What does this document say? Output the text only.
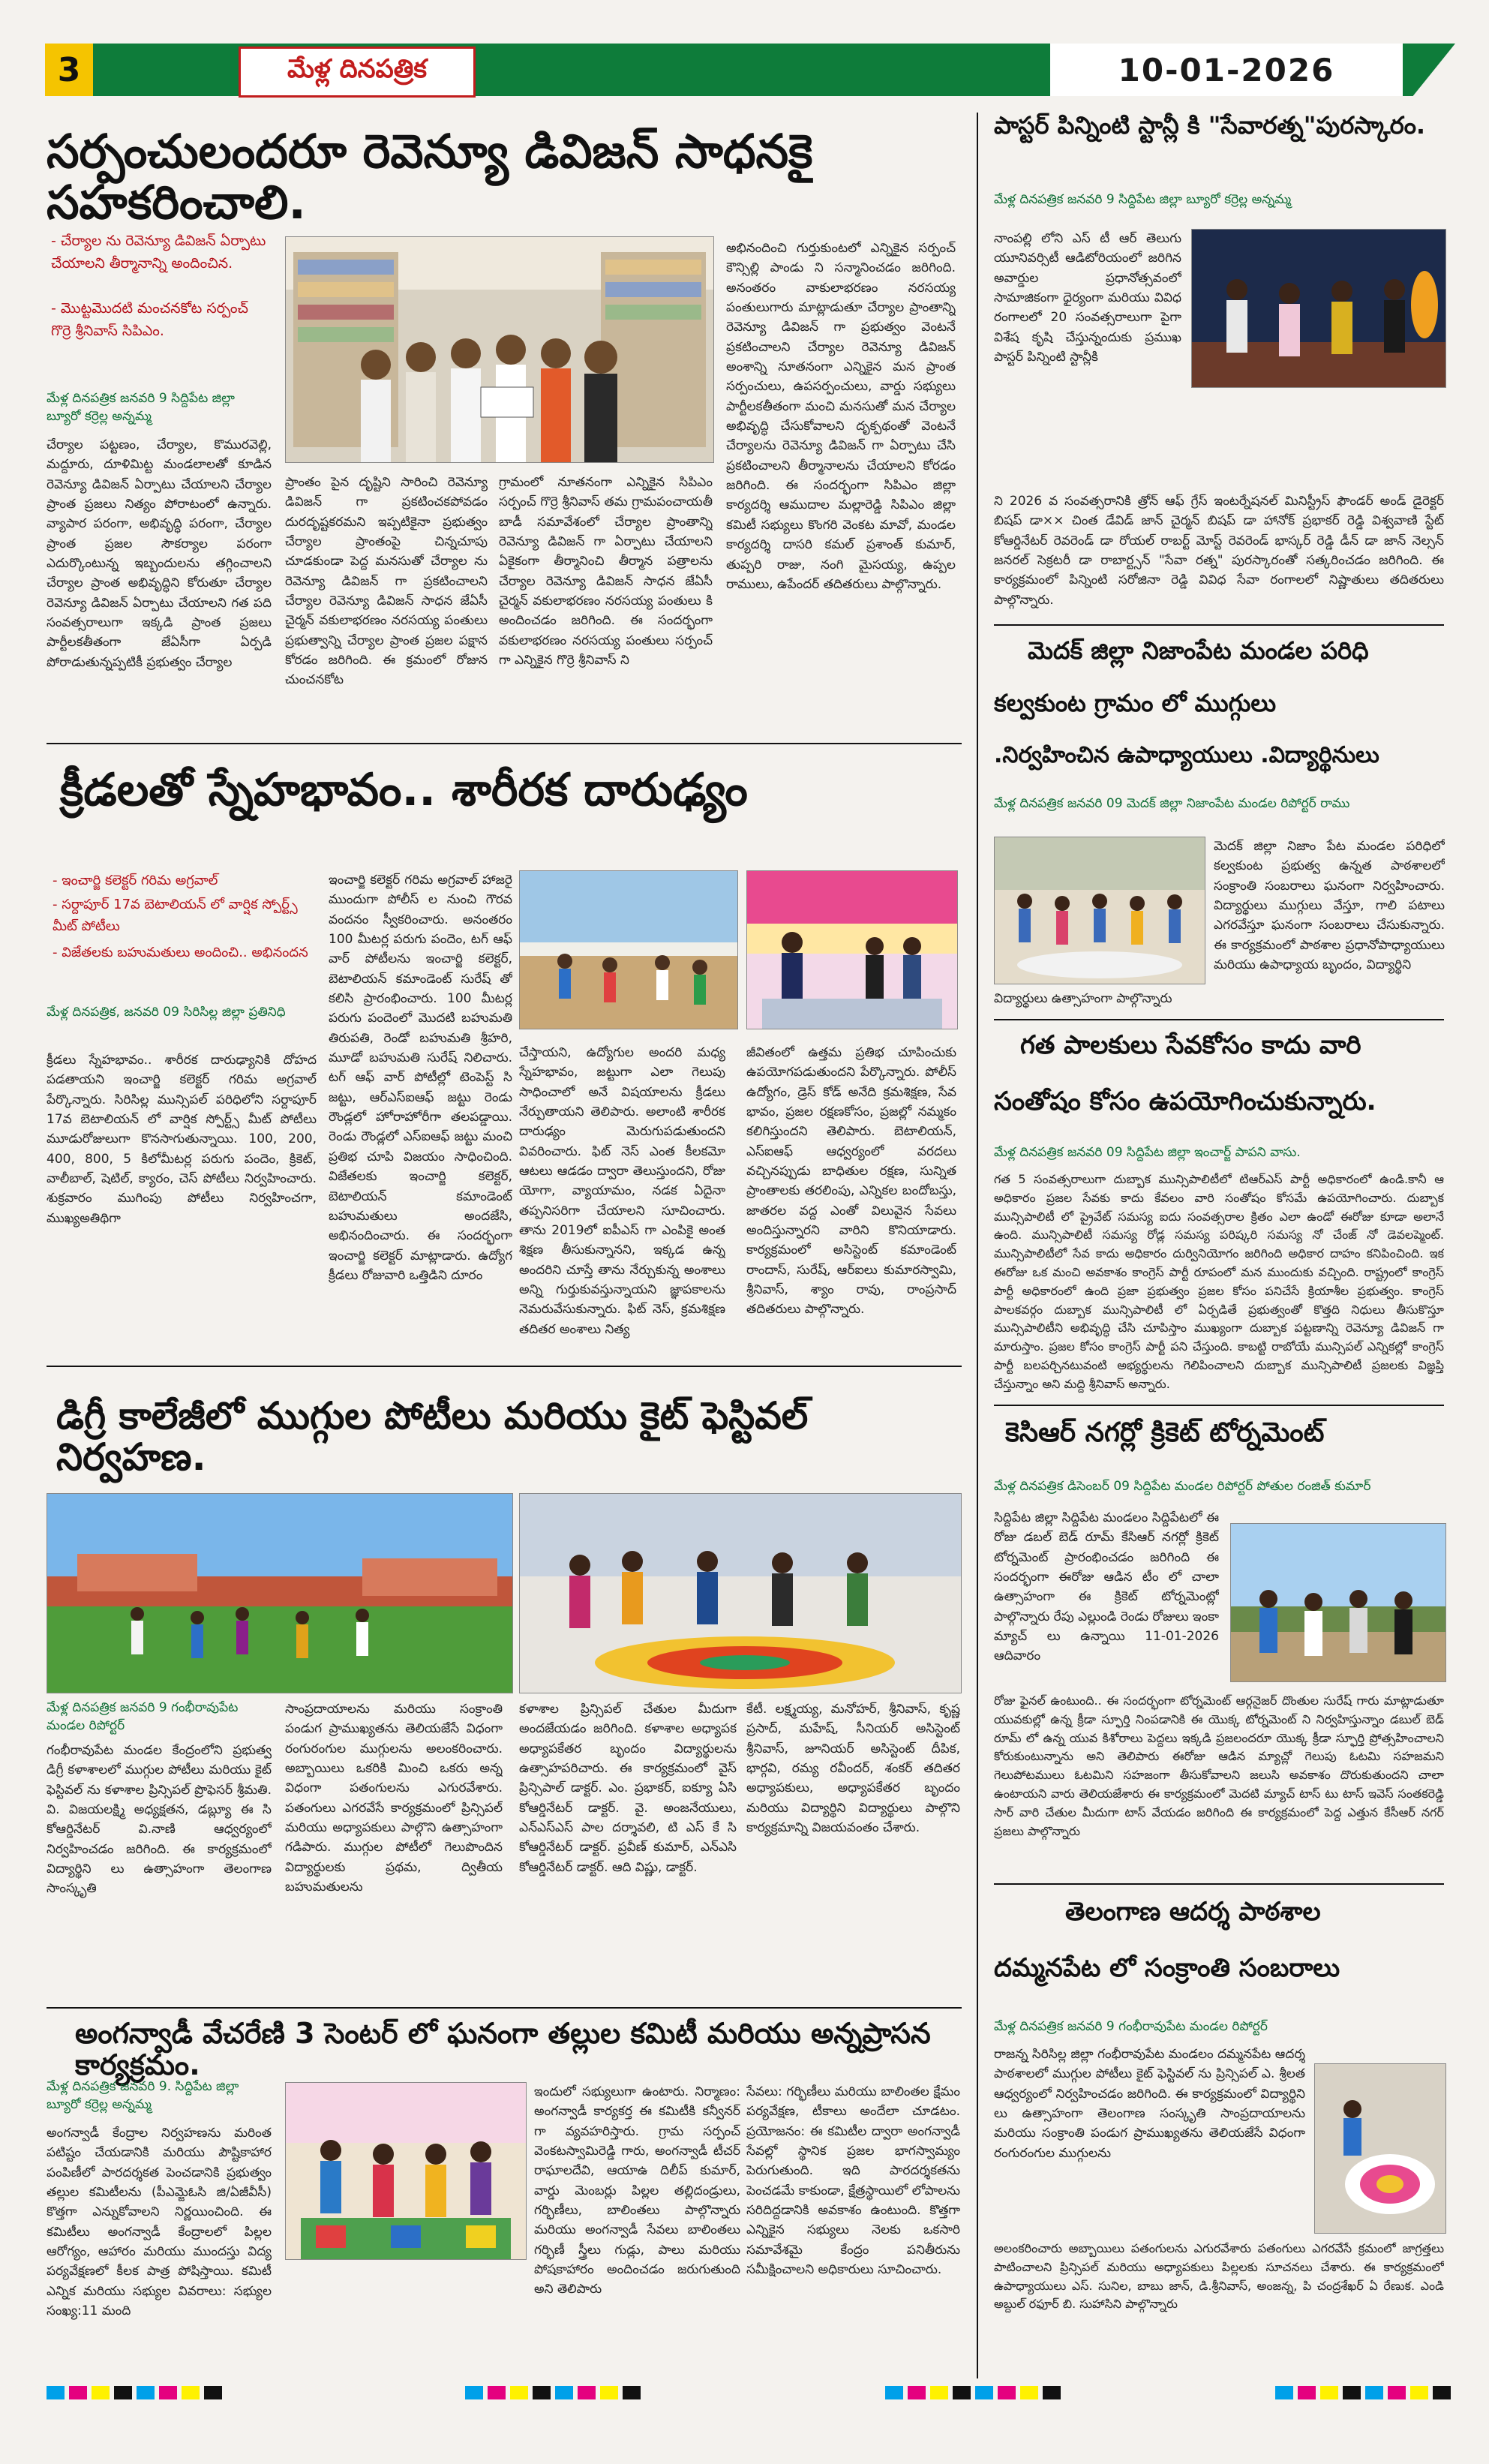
3	మేళ్ల దినపత్రిక	10-01-2026
సర్పంచులందరూ రెవెన్యూ డివిజన్ సాధనకై సహకరించాలి.
- చేర్యాల ను రెవెన్యూ డివిజన్ ఏర్పాటు చేయాలని తీర్మానాన్ని అందించిన.
- మొట్టమొదటి మంచనకోట సర్పంచ్ గొర్రె శ్రీనివాస్ సిపిఎం.
మేళ్ల దినపత్రిక జనవరి 9 సిద్దిపేట జిల్లా బ్యూరో కర్రెల్ల అన్నమ్మ
చేర్యాల పట్టణం, చేర్యాల, కొమురవెల్లి, మద్దూరు, దూళిమిట్ట మండలాలతో కూడిన రెవెన్యూ డివిజన్ ఏర్పాటు చేయాలని చేర్యాల ప్రాంత ప్రజలు నిత్యం పోరాటంలో ఉన్నారు. వ్యాపార పరంగా, అభివృద్ధి పరంగా, చేర్యాల ప్రాంత ప్రజల సౌకర్యాల పరంగా ఎదుర్కొంటున్న ఇబ్బందులను తగ్గించాలని చేర్యాల ప్రాంత అభివృద్ధిని కోరుతూ చేర్యాల రెవెన్యూ డివిజన్ ఏర్పాటు చేయాలని గత పది సంవత్సరాలుగా ఇక్కడి ప్రాంత ప్రజలు పార్టీలకతీతంగా జేఏసీగా ఏర్పడి పోరాడుతున్నప్పటికీ ప్రభుత్వం చేర్యాల
ప్రాంతం పైన దృష్టిని సారించి రెవెన్యూ డివిజన్ గా ప్రకటించకపోవడం దురదృష్టకరమని ఇప్పటికైనా ప్రభుత్వం చేర్యాల ప్రాంతంపై చిన్నచూపు చూడకుండా పెద్ద మనసుతో చేర్యాల ను రెవెన్యూ డివిజన్ గా ప్రకటించాలని చేర్యాల రెవెన్యూ డివిజన్ సాధన జేఏసీ చైర్మన్ వకులాభరణం నరసయ్య పంతులు ప్రభుత్వాన్ని చేర్యాల ప్రాంత ప్రజల పక్షాన కోరడం జరిగింది. ఈ క్రమంలో రోజున చుంచనకోట
గ్రామంలో నూతనంగా ఎన్నికైన సిపిఎం సర్పంచ్ గొర్రె శ్రీనివాస్ తమ గ్రామపంచాయతీ బాడీ సమావేశంలో చేర్యాల ప్రాంతాన్ని రెవెన్యూ డివిజన్ గా ఏర్పాటు చేయాలని ఏకైకంగా తీర్మానించి తీర్మాన పత్రాలను చేర్యాల రెవెన్యూ డివిజన్ సాధన జేఏసీ చైర్మన్ వకులాభరణం నరసయ్య పంతులు కి అందించడం జరిగింది. ఈ సందర్భంగా వకులాభరణం నరసయ్య పంతులు సర్పంచ్ గా ఎన్నికైన గొర్రె శ్రీనివాస్ ని
అభినందించి గుర్తుకుంటలో ఎన్నికైన సర్పంచ్ కౌన్సిల్లి పాండు ని సన్మానించడం జరిగింది. అనంతరం వాకులాభరణం నరసయ్య పంతులుగారు మాట్లాడుతూ చేర్యాల ప్రాంతాన్ని రెవెన్యూ డివిజన్ గా ప్రభుత్వం వెంటనే ప్రకటించాలని చేర్యాల రెవెన్యూ డివిజన్ అంశాన్ని నూతనంగా ఎన్నికైన మన ప్రాంత సర్పంచులు, ఉపసర్పంచులు, వార్డు సభ్యులు పార్టీలకతీతంగా మంచి మనసుతో మన చేర్యాల అభివృద్ధి చేసుకోవాలని దృక్పథంతో వెంటనే చేర్యాలను రెవెన్యూ డివిజన్ గా ఏర్పాటు చేసి ప్రకటించాలని తీర్మానాలను చేయాలని కోరడం జరిగింది. ఈ సందర్భంగా సిపిఎం జిల్లా కార్యదర్శి ఆముదాల మల్లారెడ్డి సిపిఎం జిల్లా కమిటీ సభ్యులు కొంగరి వెంకట మావో, మండల కార్యదర్శి దాసరి కమల్ ప్రశాంత్ కుమార్, తుప్పరి రాజు, నంగి మైసయ్య, ఉప్పల రాములు, ఉపేందర్ తదితరులు పాల్గొన్నారు.
క్రీడలతో స్నేహభావం.. శారీరక దారుఢ్యం
- ఇంచార్జి కలెక్టర్ గరిమ అగ్రవాల్
- సర్దాపూర్ 17వ బెటాలియన్ లో వార్షిక స్పోర్ట్స్ మీట్ పోటీలు
- విజేతలకు బహుమతులు అందించి.. అభినందన
మేళ్ల దినపత్రిక, జనవరి 09 సిరిసిల్ల జిల్లా ప్రతినిధి
క్రీడలు స్నేహభావం.. శారీరక దారుఢ్యానికి దోహద పడతాయని ఇంచార్జి కలెక్టర్ గరిమ అగ్రవాల్ పేర్కొన్నారు. సిరిసిల్ల మున్సిపల్ పరిధిలోని సర్దాపూర్ 17వ బెటాలియన్ లో వార్షిక స్పోర్ట్స్ మీట్ పోటీలు మూడురోజులుగా కొనసాగుతున్నాయి. 100, 200, 400, 800, 5 కిలోమీటర్ల పరుగు పందెం, క్రికెట్, వాలీబాల్, షెటిల్, క్యారం, చెస్ పోటీలు నిర్వహించారు. శుక్రవారం ముగింపు పోటీలు నిర్వహించగా, ముఖ్యఅతిథిగా
ఇంచార్జి కలెక్టర్ గరిమ అగ్రవాల్ హాజరై ముందుగా పోలీస్ ల నుంచి గౌరవ వందనం స్వీకరించారు. అనంతరం 100 మీటర్ల పరుగు పందెం, టగ్ ఆఫ్ వార్ పోటీలను ఇంచార్జి కలెక్టర్, బెటాలియన్ కమాండెంట్ సురేష్ తో కలిసి ప్రారంభించారు. 100 మీటర్ల పరుగు పందెంలో మొదటి బహుమతి తిరుపతి, రెండో బహుమతి శ్రీహరి, మూడో బహుమతి సురేష్ నిలిచారు. టగ్ ఆఫ్ వార్ పోటీల్లో టెంపెస్ట్ సి జట్టు, ఆర్ఎస్ఐఆఫ్ జట్టు రెండు రౌండ్లలో హోరాహోరీగా తలపడ్డాయి. రెండు రౌండ్లలో ఎస్ఐఆఫ్ జట్టు మంచి ప్రతిభ చూపి విజయం సాధించింది. విజేతలకు ఇంచార్జి కలెక్టర్, బెటాలియన్ కమాండెంట్ బహుమతులు అందజేసి, అభినందించారు. ఈ సందర్భంగా ఇంచార్జి కలెక్టర్ మాట్లాడారు. ఉద్యోగ క్రీడలు రోజువారి ఒత్తిడిని దూరం
చేస్తాయని, ఉద్యోగుల అందరి మధ్య స్నేహభావం, జట్టుగా ఎలా గెలుపు సాధించాలో అనే విషయాలను క్రీడలు నేర్పుతాయని తెలిపారు. అలాంటి శారీరక దారుఢ్యం మెరుగుపడుతుందని వివరించారు. ఫిట్ నెస్ ఎంత కీలకమో ఆటలు ఆడడం ద్వారా తెలుస్తుందని, రోజు యోగా, వ్యాయామం, నడక ఏదైనా తప్పనిసరిగా చేయాలని సూచించారు. తాను 2019లో ఐపీఎస్ గా ఎంపికై అంత శిక్షణ తీసుకున్నానని, ఇక్కడ ఉన్న అందరిని చూస్తే తాను నేర్చుకున్న అంశాలు అన్ని గుర్తుకువస్తున్నాయని జ్ఞాపకాలను నెమరువేసుకున్నారు. ఫిట్ నెస్, క్రమశిక్షణ తదితర అంశాలు నిత్య
జీవితంలో ఉత్తమ ప్రతిభ చూపించుకు ఉపయోగపడుతుందని పేర్కొన్నారు. పోలీస్ ఉద్యోగం, డ్రెస్ కోడ్ అనేది క్రమశిక్షణ, సేవ భావం, ప్రజల రక్షణకోసం, ప్రజల్లో నమ్మకం కలిగిస్తుందని తెలిపారు. బెటాలియన్, ఎస్ఐఆఫ్ ఆధ్వర్యంలో వరదలు వచ్చినప్పుడు బాధితుల రక్షణ, సున్నిత ప్రాంతాలకు తరలింపు, ఎన్నికల బందోబస్తు, జాతరల వద్ద ఎంతో విలువైన సేవలు అందిస్తున్నారని వారిని కొనియాడారు. కార్యక్రమంలో అసిస్టెంట్ కమాండెంట్ రాందాస్, సురేష్, ఆర్ఐలు కుమారస్వామి, శ్రీనివాస్, శ్యాం రావు, రాంప్రసాద్ తదితరులు పాల్గొన్నారు.
డిగ్రీ కాలేజీలో ముగ్గుల పోటీలు మరియు కైట్ ఫెస్టివల్ నిర్వహణ.
మేళ్ల దినపత్రిక జనవరి 9 గంభీరావుపేట మండల రిపోర్టర్
గంభీరావుపేట మండల కేంద్రంలోని ప్రభుత్వ డిగ్రీ కళాశాలలో ముగ్గుల పోటీలు మరియు కైట్ ఫెస్టివల్ ను కళాశాల ప్రిన్సిపల్ ప్రొఫెసర్ శ్రీమతి. వి. విజయలక్ష్మి అధ్యక్షతన, డబ్ల్యూ ఈ సి కోఆర్డినేటర్ వి.నాణి ఆధ్వర్యంలో నిర్వహించడం జరిగింది. ఈ కార్యక్రమంలో విద్యార్థిని లు ఉత్సాహంగా తెలంగాణ సాంస్కృతి
సాంప్రదాయాలను మరియు సంక్రాంతి పండుగ ప్రాముఖ్యతను తెలియజేసే విధంగా రంగురంగుల ముగ్గులను అలంకరించారు. అబ్బాయిలు ఒకరికి మించి ఒకరు అన్న విధంగా పతంగులను ఎగురవేశారు. పతంగులు ఎగరవేసే కార్యక్రమంలో ప్రిన్సిపల్ మరియు అధ్యాపకులు పాల్గొని ఉత్సాహంగా గడిపారు. ముగ్గుల పోటీలో గెలుపొందిన విద్యార్థులకు ప్రథమ, ద్వితీయ బహుమతులను
కళాశాల ప్రిన్సిపల్ చేతుల మీదుగా అందజేయడం జరిగింది. కళాశాల అధ్యాపక అధ్యాపకేతర బృందం విద్యార్థులను ఉత్సాహపరిచారు. ఈ కార్యక్రమంలో వైస్ ప్రిన్సిపాల్ డాక్టర్. ఎం. ప్రభాకర్, ఐక్యూ ఏసి కోఆర్డినేటర్ డాక్టర్. వై. అంజనేయులు, ఎన్ఎస్ఎస్ పాల దర్శావలి, టి ఎస్ కే సి కోఆర్డినేటర్ డాక్టర్. ప్రవీణ్ కుమార్, ఎన్ఎసి కోఆర్డినేటర్ డాక్టర్. ఆది విష్ణు, డాక్టర్.
కేటీ. లక్ష్మయ్య, మనోహర్, శ్రీనివాస్, కృష్ణ ప్రసాద్, మహేష్, సీనియర్ అసిస్టెంట్ శ్రీనివాస్, జూనియర్ అసిస్టెంట్ దీపిక, భార్గవి, రమ్య రవీందర్, శంకర్ తదితర అధ్యాపకులు, అధ్యాపకేతర బృందం మరియు విద్యార్థిని విద్యార్థులు పాల్గొని కార్యక్రమాన్ని విజయవంతం చేశారు.
అంగన్వాడీ వేచరేణి 3 సెంటర్ లో ఘనంగా తల్లుల కమిటీ మరియు అన్నప్రాసన కార్యక్రమం.
మేళ్ల దినపత్రిక జనవరి 9. సిద్దిపేట జిల్లా బ్యూరో కర్రెల్ల అన్నమ్మ
అంగన్వాడీ కేంద్రాల నిర్వహణను మరింత పటిష్టం చేయడానికి మరియు పౌష్టికాహార పంపిణీలో పారదర్శకత పెంచడానికి ప్రభుత్వం తల్లుల కమిటీలను (పీఎమ్జెఓసి జి/ఏజీవీసీ) కొత్తగా ఎన్నుకోవాలని నిర్ణయించింది. ఈ కమిటీలు అంగన్వాడీ కేంద్రాలలో పిల్లల ఆరోగ్యం, ఆహారం మరియు ముందస్తు విద్య పర్యవేక్షణలో కీలక పాత్ర పోషిస్తాయి. కమిటీ ఎన్నిక మరియు సభ్యుల వివరాలు: సభ్యుల సంఖ్య:11 మంది
ఇందులో సభ్యులుగా ఉంటారు. నిర్మాణం: అంగన్వాడీ కార్యకర్త ఈ కమిటీకి కన్వీనర్ గా వ్యవహరిస్తారు. గ్రామ సర్పంచ్ వెంకటస్వామిరెడ్డి గారు, అంగన్వాడీ టీచర్ రాఘాలదేవి, ఆయాఉ దిలీప్ కుమార్, వార్డు మెంబర్లు పిల్లల తల్లిదండ్రులు, గర్భిణీలు, బాలింతలు పాల్గొన్నారు మరియు అంగన్వాడీ సేవలు బాలింతలు గర్భిణీ స్త్రీలు గుడ్లు, పాలు మరియు పోషకాహారం అందించడం జరుగుతుంది అని తెలిపారు
సేవలు: గర్భిణీలు మరియు బాలింతల క్షేమం పర్యవేక్షణ, టీకాలు అందేలా చూడటం. ప్రయోజనం: ఈ కమిటీల ద్వారా అంగన్వాడీ సేవల్లో స్థానిక ప్రజల భాగస్వామ్యం పెరుగుతుంది. ఇది పారదర్శకతను పెంచడమే కాకుండా, క్షేత్రస్థాయిలో లోపాలను సరిదిద్దడానికి అవకాశం ఉంటుంది. కొత్తగా ఎన్నికైన సభ్యులు నెలకు ఒకసారి సమావేశమై కేంద్రం పనితీరును సమీక్షించాలని అధికారులు సూచించారు.
పాస్టర్ పిన్నింటి స్టాన్లీ కి "సేవారత్న"పురస్కారం.
మేళ్ల దినపత్రిక జనవరి 9 సిద్దిపేట జిల్లా బ్యూరో కర్రెల్ల అన్నమ్మ
నాంపల్లి లోని ఎస్ టీ ఆర్ తెలుగు యూనివర్సిటీ ఆడిటోరియంలో జరిగిన అవార్డుల ప్రధానోత్సవంలో సామాజికంగా ధైర్యంగా మరియు వివిధ రంగాలలో 20 సంవత్సరాలుగా పైగా విశేష కృషి చేస్తున్నందుకు ప్రముఖ పాస్టర్ పిన్నింటి స్టాన్లీకి
ని 2026 వ సంవత్సరానికి త్రోన్ ఆఫ్ గ్రేస్ ఇంటర్నేషనల్ మినిస్ట్రీస్ ఫౌండర్ అండ్ డైరెక్టర్ బిషప్ డా×× చింత డేవిడ్ జాన్ చైర్మన్ బిషప్ డా హానోక్ ప్రభాకర్ రెడ్డి విశ్వవాణి స్టేట్ కోఆర్డినేటర్ రెవరెండ్ డా రోయల్ రాబర్ట్ మోస్ట్ రెవరెండ్ భాస్కర్ రెడ్డి డీన్ డా జాన్ నెల్సన్ జనరల్ సెక్రటరీ డా రాబార్ట్సన్ "సేవా రత్న" పురస్కారంతో సత్కరించడం జరిగింది. ఈ కార్యక్రమంలో పిన్నింటి సరోజినా రెడ్డి వివిధ సేవా రంగాలలో నిష్ణాతులు తదితరులు పాల్గొన్నారు.
మెదక్ జిల్లా నిజాంపేట మండల పరిధి
కల్వకుంట గ్రామం లో ముగ్గులు
.నిర్వహించిన ఉపాధ్యాయులు .విద్యార్థినులు
మేళ్ల దినపత్రిక జనవరి 09 మెదక్ జిల్లా నిజాంపేట మండల రిపోర్టర్ రాము
మెదక్ జిల్లా నిజాం పేట మండల పరిధిలో కల్వకుంట ప్రభుత్వ ఉన్నత పాఠశాలలో సంక్రాంతి సంబరాలు ఘనంగా నిర్వహించారు. విద్యార్థులు ముగ్గులు వేస్తూ, గాలి పటాలు ఎగరవేస్తూ ఘనంగా సంబరాలు చేసుకున్నారు. ఈ కార్యక్రమంలో పాఠశాల ప్రధానోపాధ్యాయులు మరియు ఉపాధ్యాయ బృందం, విద్యార్థిని
విద్యార్థులు ఉత్సాహంగా పాల్గొన్నారు
గత పాలకులు సేవకోసం కాదు వారి
సంతోషం కోసం ఉపయోగించుకున్నారు.
మేళ్ల దినపత్రిక జనవరి 09 సిద్దిపేట జిల్లా ఇంచార్జ్ పాపని వాసు.
గత 5 సంవత్సరాలుగా దుబ్బాక మున్సిపాలిటీలో టిఆర్ఎస్ పార్టీ అధికారంలో ఉండి.కానీ ఆ అధికారం ప్రజల సేవకు కాదు కేవలం వారి సంతోషం కోసమే ఉపయోగించారు. దుబ్బాక మున్సిపాలిటీ లో ప్రైవేట్ సమస్య ఐదు సంవత్సరాల క్రితం ఎలా ఉండో ఈరోజు కూడా అలానే ఉంది. మున్సిపాలిటీ సమస్య రోడ్ల సమస్య పరిష్కరి సమస్య నో చేంజ్ నో డెవలప్మెంట్. మున్సిపాలిటీలో సేవ కాదు అధికారం దుర్వినియోగం జరిగింది అధికార దాహం కనిపించింది. ఇక ఈరోజు ఒక మంచి అవకాశం కాంగ్రెస్ పార్టీ రూపంలో మన ముందుకు వచ్చింది. రాష్ట్రంలో కాంగ్రెస్ పార్టీ అధికారంలో ఉంది ప్రజా ప్రభుత్వం ప్రజల కోసం పనిచేసే క్రియాశీల ప్రభుత్వం. కాంగ్రెస్ పాలకవర్గం దుబ్బాక మున్సిపాలిటీ లో ఏర్పడితే ప్రభుత్వంతో కొత్తది నిధులు తీసుకొస్తూ మున్సిపాలిటీని అభివృద్ధి చేసి చూపిస్తాం ముఖ్యంగా దుబ్బాక పట్టణాన్ని రెవెన్యూ డివిజన్ గా మారుస్తాం. ప్రజల కోసం కాంగ్రెస్ పార్టీ పని చేస్తుంది. కాబట్టి రాబోయే మున్సిపల్ ఎన్నికల్లో కాంగ్రెస్ పార్టీ బలపర్చినటువంటి అభ్యర్థులను గెలిపించాలని దుబ్బాక మున్సిపాలిటీ ప్రజలకు విజ్ఞప్తి చేస్తున్నాం అని మద్ది శ్రీనివాస్ అన్నారు.
కెసిఆర్ నగర్లో క్రికెట్ టోర్నమెంట్
మేళ్ల దినపత్రిక డిసెంబర్ 09 సిద్దిపేట మండల రిపోర్టర్ పోతుల రంజిత్ కుమార్
సిద్దిపేట జిల్లా సిద్దిపేట మండలం సిద్దిపేటలో ఈ రోజు డబల్ బెడ్ రూమ్ కేసిఆర్ నగర్లో క్రికెట్ టోర్నమెంట్ ప్రారంభించడం జరిగింది ఈ సందర్భంగా ఈరోజు ఆడిన టీం లో చాలా ఉత్సాహంగా ఈ క్రికెట్ టోర్నమెంట్లో పాల్గొన్నారు రేపు ఎల్లుండి రెండు రోజులు ఇంకా మ్యాచ్ లు ఉన్నాయి 11-01-2026 ఆదివారం
రోజు ఫైనల్ ఉంటుంది.. ఈ సందర్భంగా టోర్నమెంట్ ఆర్గనైజర్ దొంతుల సురేష్ గారు మాట్లాడుతూ యువకుల్లో ఉన్న క్రీడా స్ఫూర్తి నింపడానికి ఈ యొక్క టోర్నమెంట్ ని నిర్వహిస్తున్నాం డబుల్ బెడ్ రూమ్ లో ఉన్న యువ కిశోరాలు పెద్దలు ఇక్కడి ప్రజలందరూ యొక్క క్రీడా స్ఫూర్తి ప్రోత్సహించాలని కోరుకుంటున్నాను అని తెలిపారు ఈరోజు ఆడిన మ్యాచ్లో గెలుపు ఓటమి సహజమని గెలుపోటములు ఓటమిని సహజంగా తీసుకోవాలని జలుసి అవకాశం దొరుకుతుందని చాలా ఉంటాయని వారు తెలియజేశారు ఈ కార్యక్రమంలో మెదటి మ్యాచ్ టాస్ టు టాస్ ఇవెస్ సంతకరెడ్డి సార్ వారి చేతుల మీదుగా టాస్ వేయడం జరిగింది ఈ కార్యక్రమంలో పెద్ద ఎత్తున కేసీఆర్ నగర్ ప్రజలు పాల్గొన్నారు
తెలంగాణ ఆదర్శ పాఠశాల
దమ్మనపేట లో సంక్రాంతి సంబరాలు
మేళ్ల దినపత్రిక జనవరి 9 గంభీరావుపేట మండల రిపోర్టర్
రాజన్న సిరిసిల్ల జిల్లా గంభీరావుపేట మండలం దమ్మనపేట ఆదర్శ పాఠశాలలో ముగ్గుల పోటీలు కైట్ ఫెస్టివల్ ను ప్రిన్సిపల్ ఎ. శ్రీలత ఆధ్వర్యంలో నిర్వహించడం జరిగింది. ఈ కార్యక్రమంలో విద్యార్థిని లు ఉత్సాహంగా తెలంగాణ సంస్కృతి సాంప్రదాయాలను మరియు సంక్రాంతి పండుగ ప్రాముఖ్యతను తెలియజేసే విధంగా రంగురంగుల ముగ్గులను
అలంకరించారు అబ్బాయిలు పతంగులను ఎగురవేశారు పతంగులు ఎగరవేసే క్రమంలో జాగ్రత్తలు పాటించాలని ప్రిన్సిపల్ మరియు అధ్యాపకులు పిల్లలకు సూచనలు చేశారు. ఈ కార్యక్రమంలో ఉపాధ్యాయులు ఎస్. సునిల, బాబు జాన్, డి.శ్రీనివాస్, అంజన్న, పి చంద్రశేఖర్ ఏ రేణుక. ఎండి అబ్దుల్ రఫూర్ బి. సుహాసిని పాల్గొన్నారు
